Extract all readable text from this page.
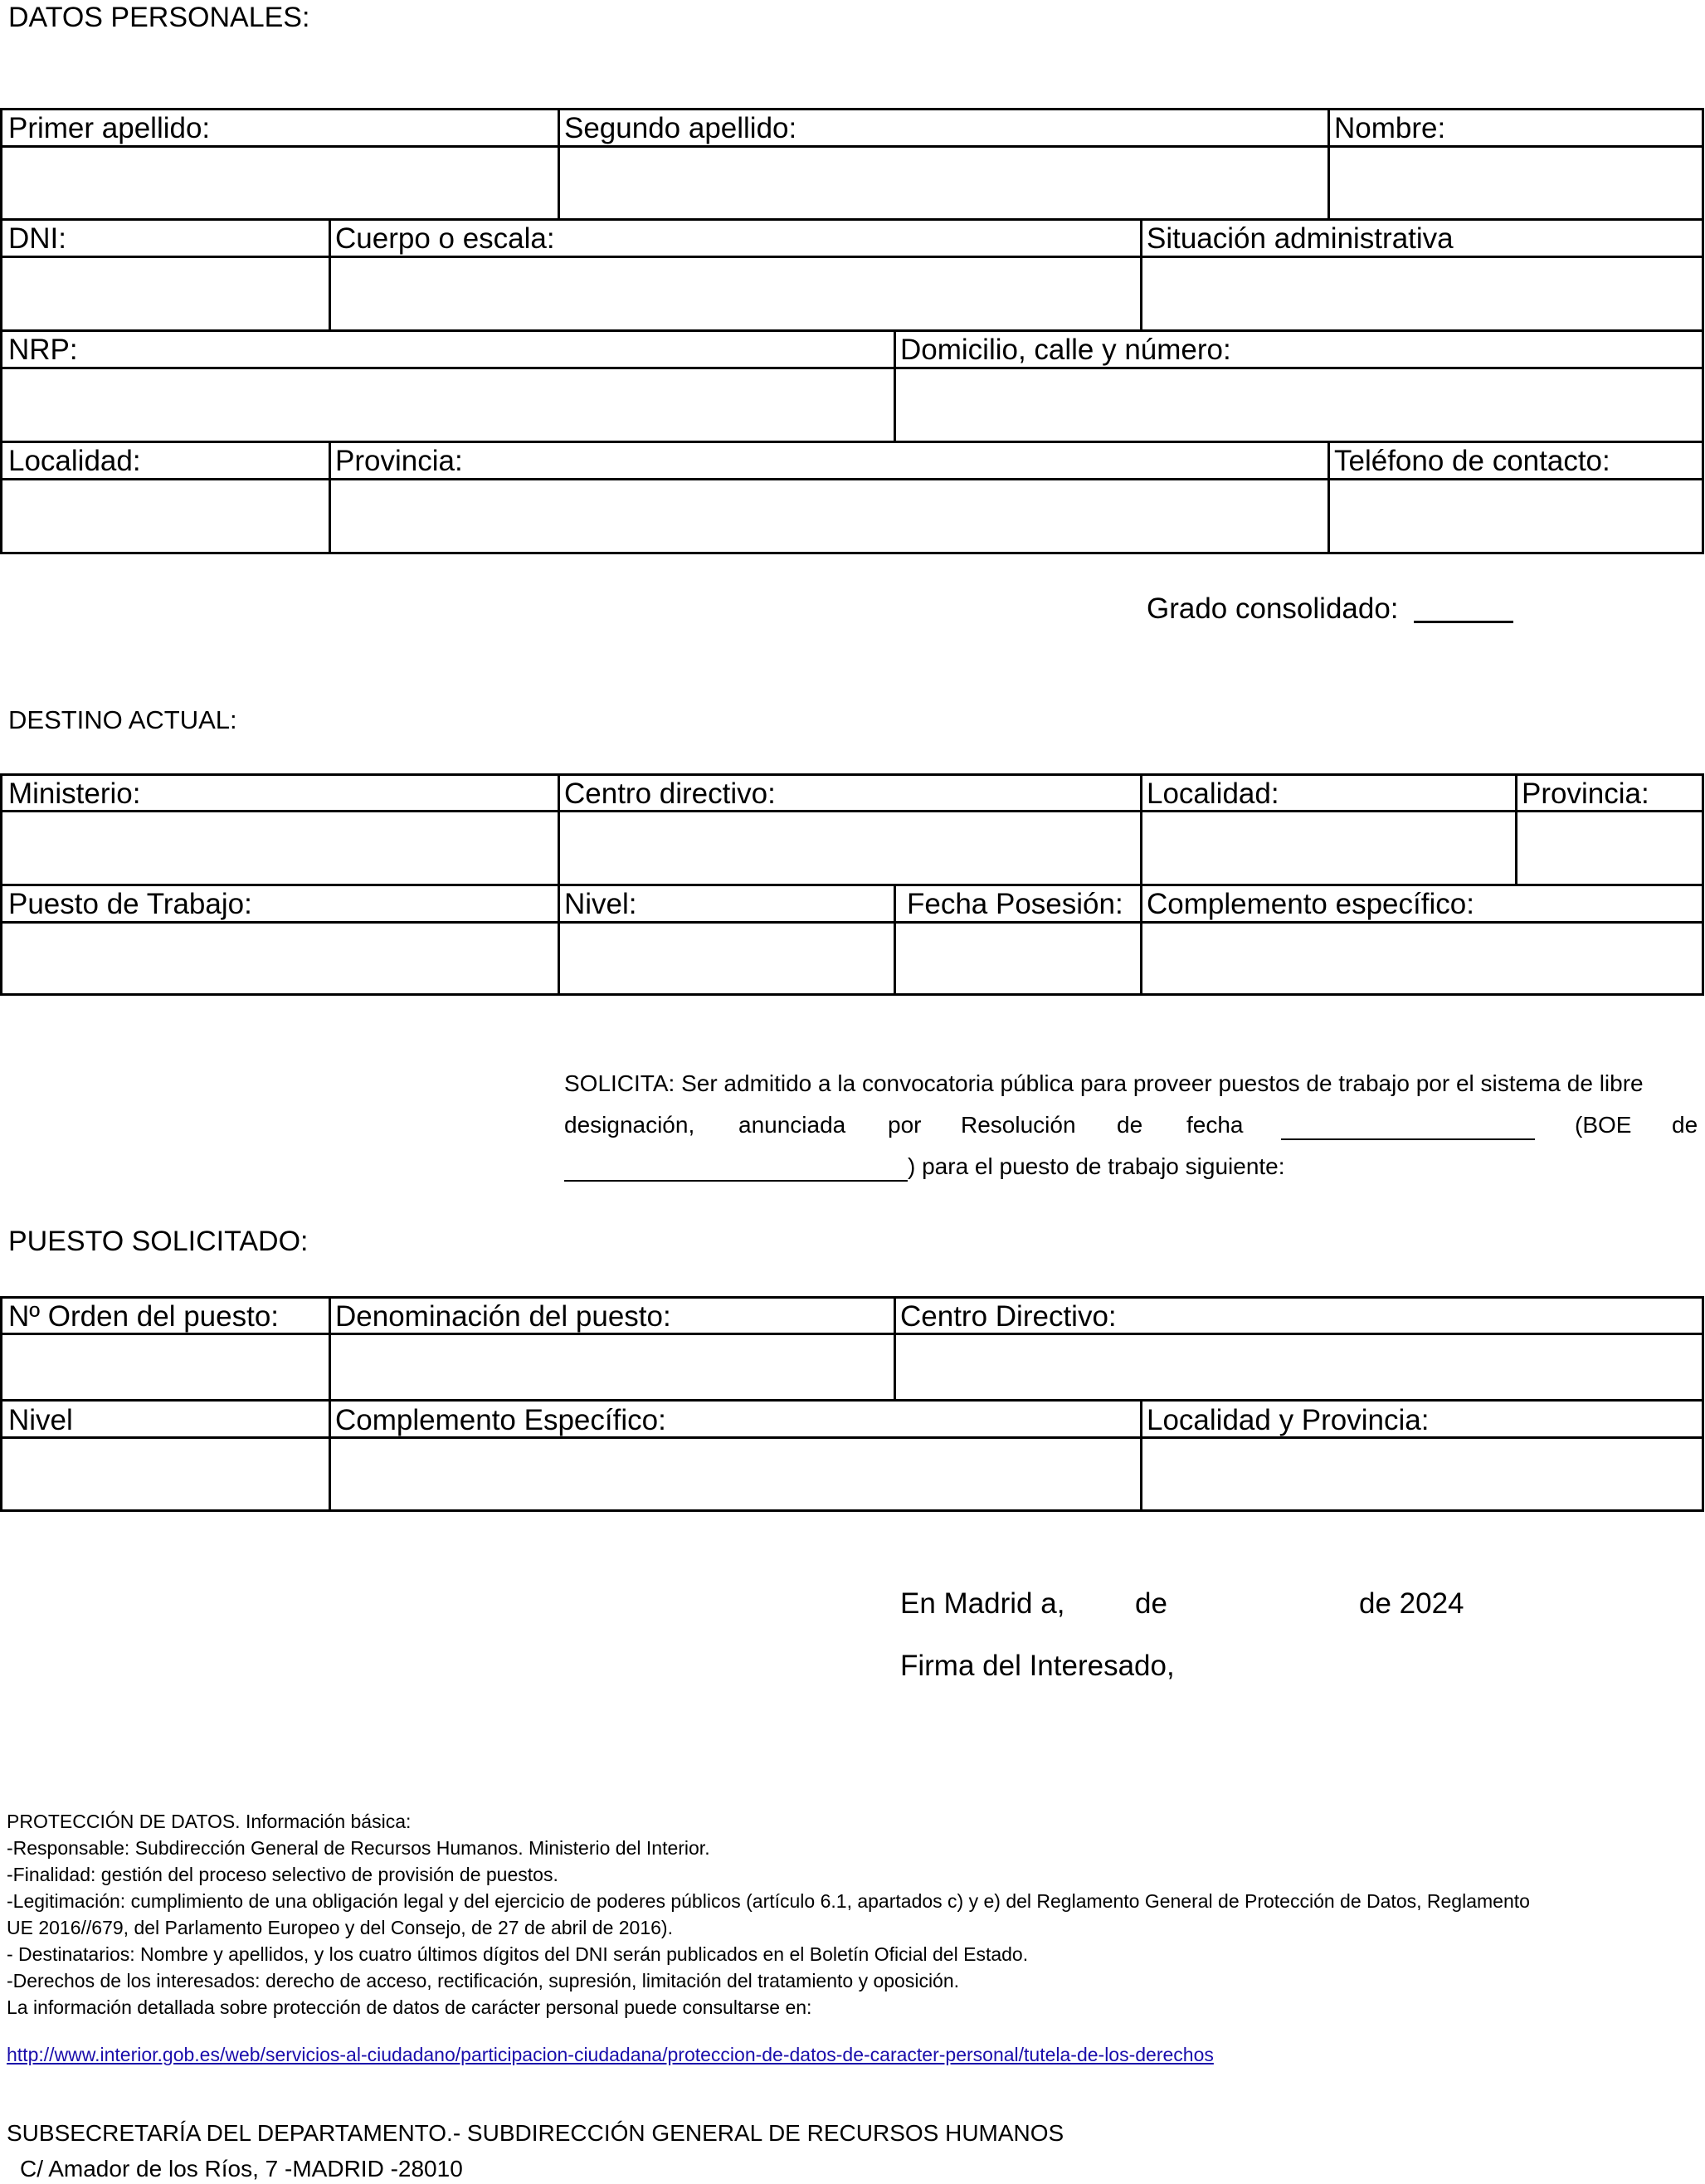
DATOS PERSONALES:
Primer apellido:	Segundo apellido:	Nombre:
DNI:	Cuerpo o escala:	Situación administrativa
NRP:	Domicilio, calle y número:
Localidad:	Provincia:	Teléfono de contacto:
Grado consolidado:
DESTINO ACTUAL:
Ministerio:	Centro directivo:	Localidad:	Provincia:
Puesto de Trabajo:	Nivel:	Fecha Posesión: Complemento específico:
SOLICITA: Ser admitido a la convocatoria pública para proveer puestos de trabajo por el sistema de libre
designación, anunciada por Resolución de fecha	(BOE de
) para el puesto de trabajo siguiente:
PUESTO SOLICITADO:
Nº Orden del puesto: Denominación del puesto:	Centro Directivo:
Nivel	Complemento Específico:	Localidad y Provincia:
En Madrid a, de	de 2024
Firma del Interesado,
PROTECCIÓN DE DATOS. Información básica:
-Responsable: Subdirección General de Recursos Humanos. Ministerio del Interior.
-Finalidad: gestión del proceso selectivo de provisión de puestos.
-Legitimación: cumplimiento de una obligación legal y del ejercicio de poderes públicos (artículo 6.1, apartados c) y e) del Reglamento General de Protección de Datos, Reglamento
UE 2016//679, del Parlamento Europeo y del Consejo, de 27 de abril de 2016).
- Destinatarios: Nombre y apellidos, y los cuatro últimos dígitos del DNI serán publicados en el Boletín Oficial del Estado.
-Derechos de los interesados: derecho de acceso, rectificación, supresión, limitación del tratamiento y oposición.
La información detallada sobre protección de datos de carácter personal puede consultarse en:
http://www.interior.gob.es/web/servicios-al-ciudadano/participacion-ciudadana/proteccion-de-datos-de-caracter-personal/tutela-de-los-derechos
SUBSECRETARÍA DEL DEPARTAMENTO.- SUBDIRECCIÓN GENERAL DE RECURSOS HUMANOS
C/ Amador de los Ríos, 7 -MADRID -28010
